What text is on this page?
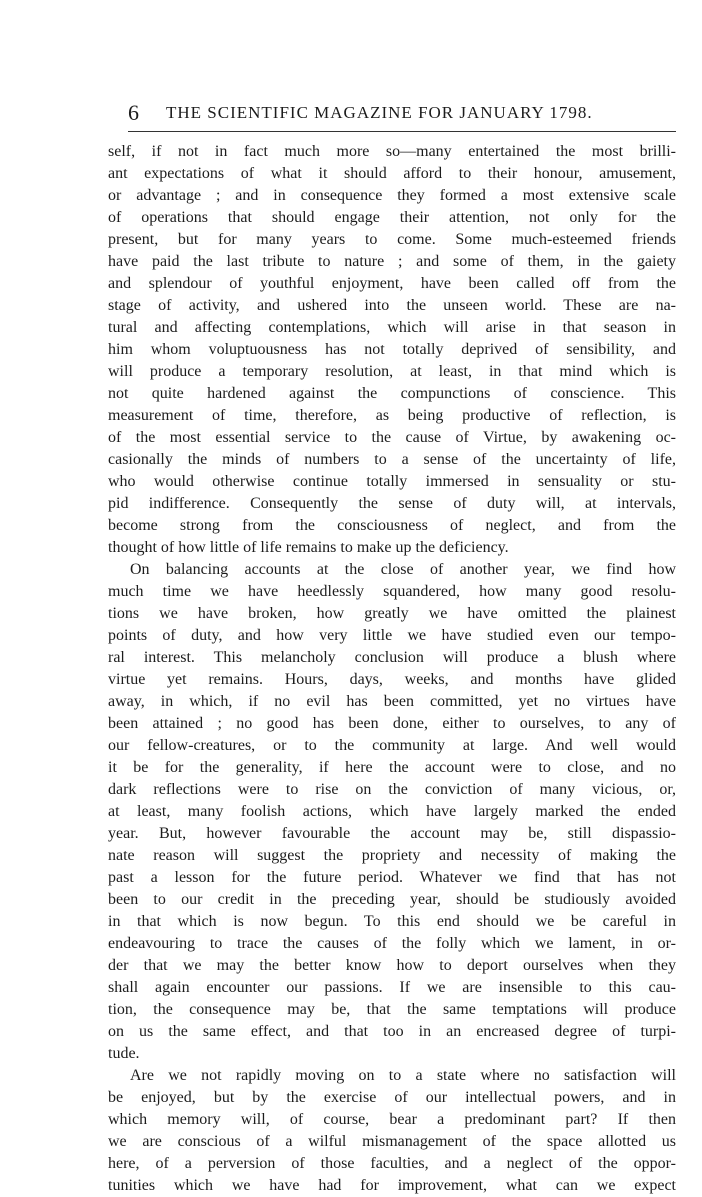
6 THE SCIENTIFIC MAGAZINE FOR JANUARY 1798.
self, if not in fact much more so—many entertained the most brilli-
ant expectations of what it should afford to their honour, amusement,
or advantage ; and in consequence they formed a most extensive scale
of operations that should engage their attention, not only for the
present, but for many years to come. Some much-esteemed friends
have paid the last tribute to nature ; and some of them, in the gaiety
and splendour of youthful enjoyment, have been called off from the
stage of activity, and ushered into the unseen world. These are na-
tural and affecting contemplations, which will arise in that season in
him whom voluptuousness has not totally deprived of sensibility, and
will produce a temporary resolution, at least, in that mind which is
not quite hardened against the compunctions of conscience. This
measurement of time, therefore, as being productive of reflection, is
of the most essential service to the cause of Virtue, by awakening oc-
casionally the minds of numbers to a sense of the uncertainty of life,
who would otherwise continue totally immersed in sensuality or stu-
pid indifference. Consequently the sense of duty will, at intervals,
become strong from the consciousness of neglect, and from the
thought of how little of life remains to make up the deficiency.
On balancing accounts at the close of another year, we find how
much time we have heedlessly squandered, how many good resolu-
tions we have broken, how greatly we have omitted the plainest
points of duty, and how very little we have studied even our tempo-
ral interest. This melancholy conclusion will produce a blush where
virtue yet remains. Hours, days, weeks, and months have glided
away, in which, if no evil has been committed, yet no virtues have
been attained ; no good has been done, either to ourselves, to any of
our fellow-creatures, or to the community at large. And well would
it be for the generality, if here the account were to close, and no
dark reflections were to rise on the conviction of many vicious, or,
at least, many foolish actions, which have largely marked the ended
year. But, however favourable the account may be, still dispassio-
nate reason will suggest the propriety and necessity of making the
past a lesson for the future period. Whatever we find that has not
been to our credit in the preceding year, should be studiously avoided
in that which is now begun. To this end should we be careful in
endeavouring to trace the causes of the folly which we lament, in or-
der that we may the better know how to deport ourselves when they
shall again encounter our passions. If we are insensible to this cau-
tion, the consequence may be, that the same temptations will produce
on us the same effect, and that too in an encreased degree of turpi-
tude.
Are we not rapidly moving on to a state where no satisfaction will
be enjoyed, but by the exercise of our intellectual powers, and in
which memory will, of course, bear a predominant part? If then
we are conscious of a wilful mismanagement of the space allotted us
here, of a perversion of those faculties, and a neglect of the oppor-
tunities which we have had for improvement, what can we expect
